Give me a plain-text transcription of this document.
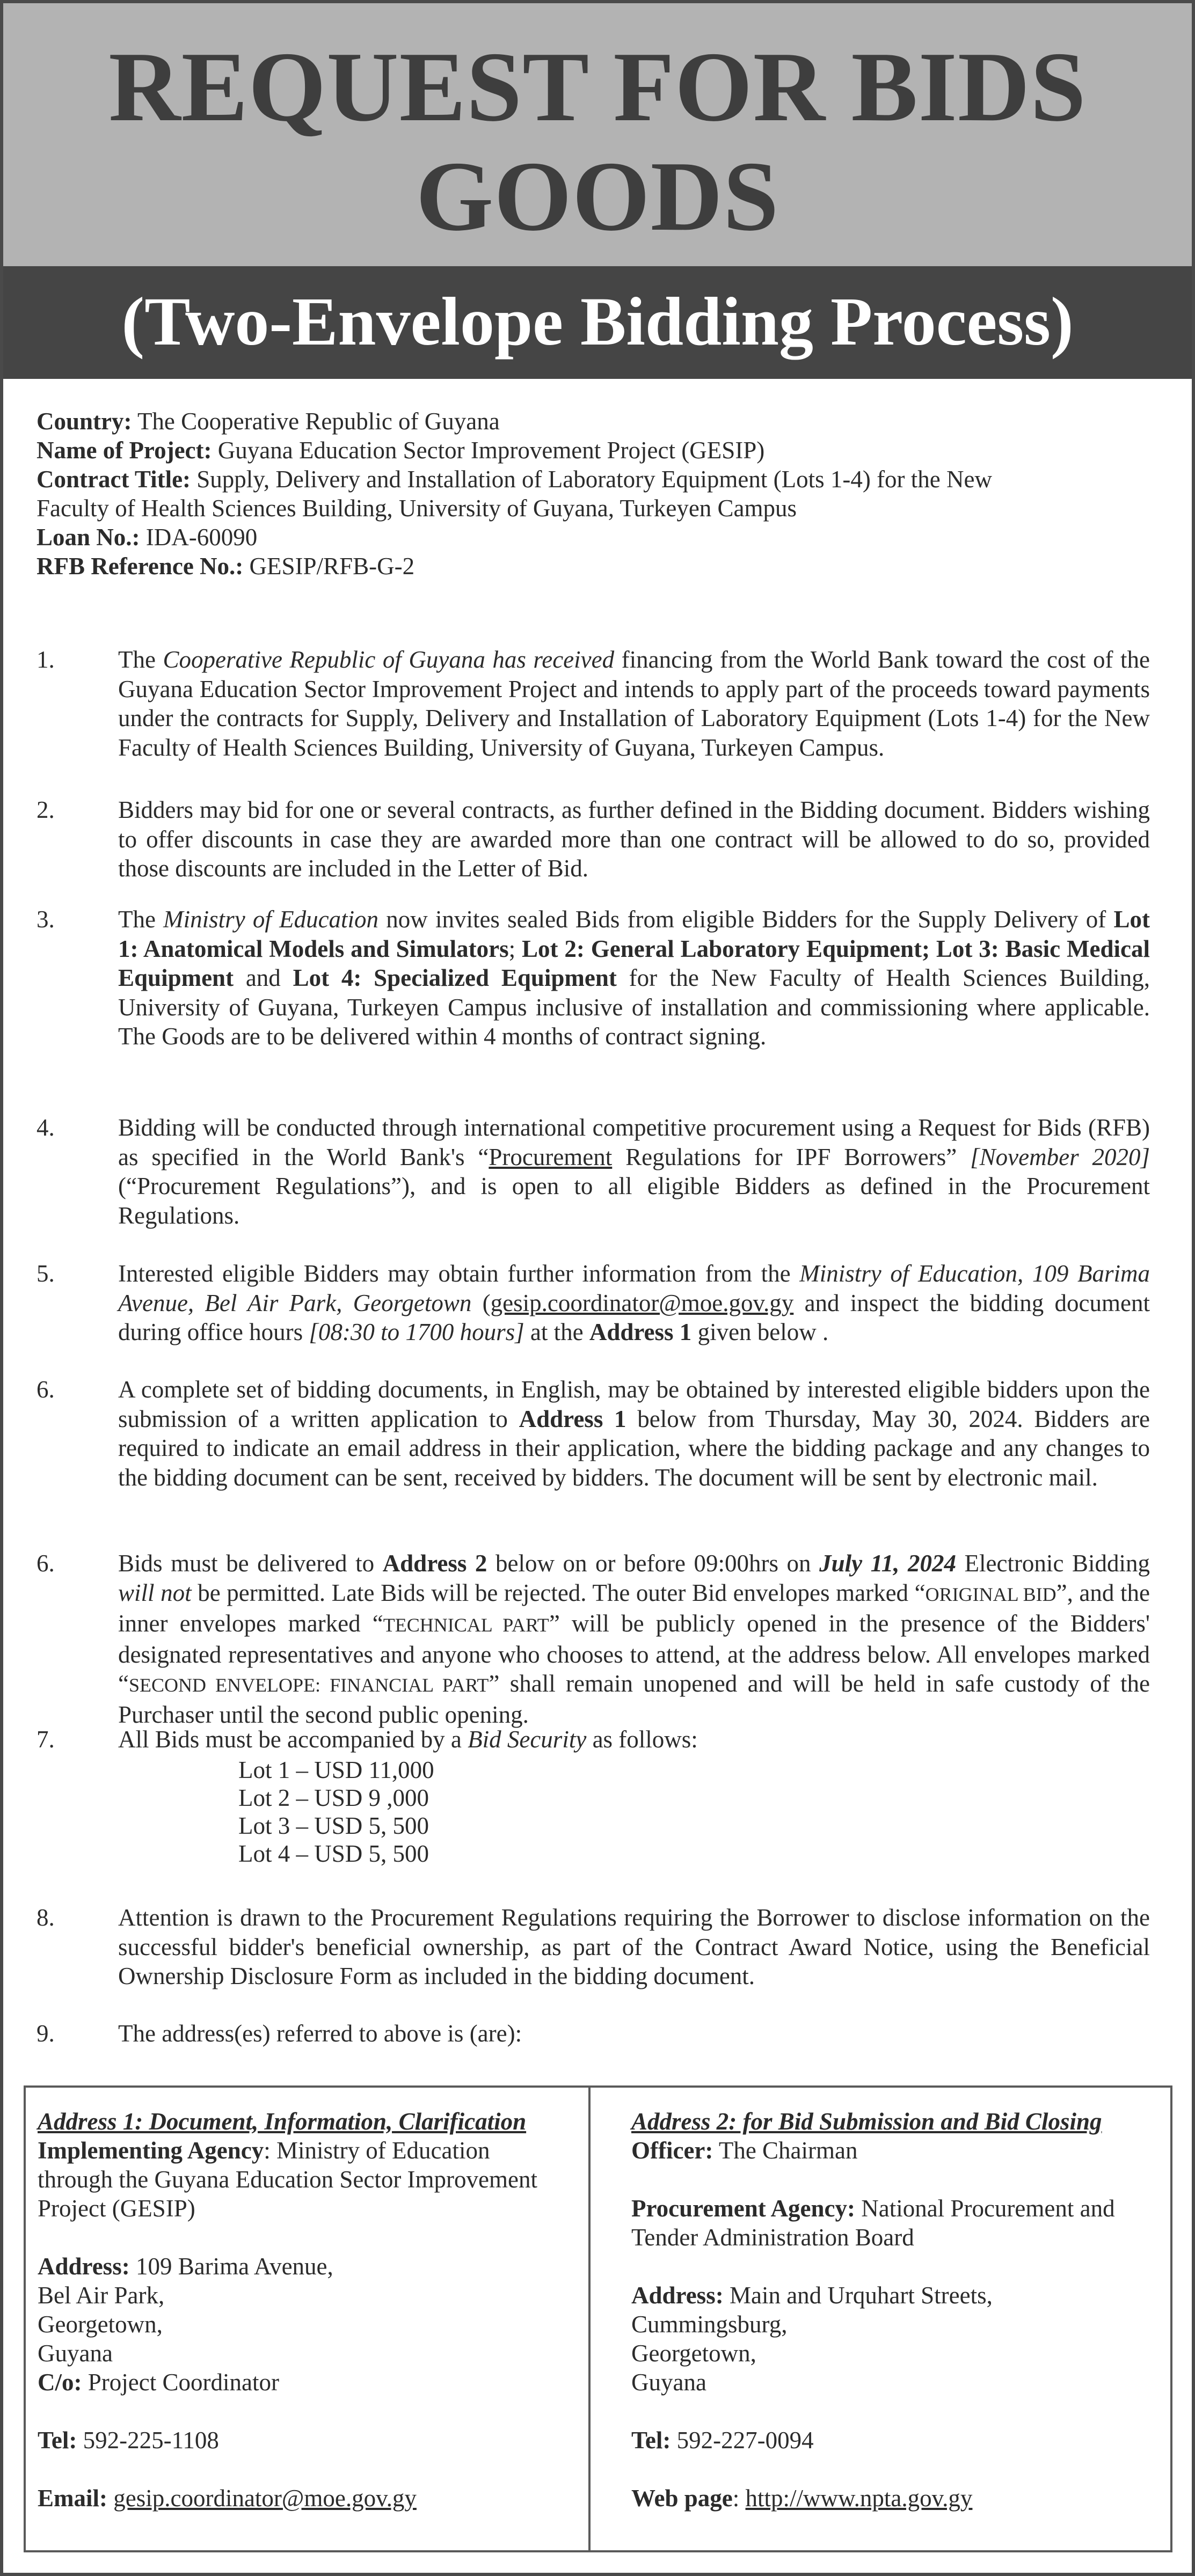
REQUEST FOR BIDS
GOODS
(Two-Envelope Bidding Process)
Country: The Cooperative Republic of Guyana
Name of Project: Guyana Education Sector Improvement Project (GESIP)
Contract Title: Supply, Delivery and Installation of Laboratory Equipment (Lots 1-4) for the New
Faculty of Health Sciences Building, University of Guyana, Turkeyen Campus
Loan No.: IDA-60090
RFB Reference No.: GESIP/RFB-G-2
1.	The Cooperative Republic of Guyana has received financing from the World Bank toward the cost of the Guyana Education Sector Improvement Project and intends to apply part of the proceeds toward payments under the contracts for Supply, Delivery and Installation of Laboratory Equipment (Lots 1-4) for the New Faculty of Health Sciences Building, University of Guyana, Turkeyen Campus.
2.	Bidders may bid for one or several contracts, as further defined in the Bidding document. Bidders wishing to offer discounts in case they are awarded more than one contract will be allowed to do so, provided those discounts are included in the Letter of Bid.
3.	The Ministry of Education now invites sealed Bids from eligible Bidders for the Supply Delivery of Lot 1: Anatomical Models and Simulators; Lot 2: General Laboratory Equipment; Lot 3: Basic Medical Equipment and Lot 4: Specialized Equipment for the New Faculty of Health Sciences Building, University of Guyana, Turkeyen Campus inclusive of installation and commissioning where applicable. The Goods are to be delivered within 4 months of contract signing.
4.	Bidding will be conducted through international competitive procurement using a Request for Bids (RFB) as specified in the World Bank's “Procurement Regulations for IPF Borrowers” [November 2020] (“Procurement Regulations”), and is open to all eligible Bidders as defined in the Procurement Regulations.
5.	Interested eligible Bidders may obtain further information from the Ministry of Education, 109 Barima Avenue, Bel Air Park, Georgetown (gesip.coordinator@moe.gov.gy and inspect the bidding document during office hours [08:30 to 1700 hours] at the Address 1 given below .
6.	A complete set of bidding documents, in English, may be obtained by interested eligible bidders upon the submission of a written application to Address 1 below from Thursday, May 30, 2024. Bidders are required to indicate an email address in their application, where the bidding package and any changes to the bidding document can be sent, received by bidders. The document will be sent by electronic mail.
6.	Bids must be delivered to Address 2 below on or before 09:00hrs on July 11, 2024 Electronic Bidding will not be permitted. Late Bids will be rejected. The outer Bid envelopes marked “ORIGINAL BID”, and the inner envelopes marked “TECHNICAL PART” will be publicly opened in the presence of the Bidders' designated representatives and anyone who chooses to attend, at the address below. All envelopes marked “SECOND ENVELOPE: FINANCIAL PART” shall remain unopened and will be held in safe custody of the Purchaser until the second public opening.
7.	All Bids must be accompanied by a Bid Security as follows:
Lot 1 – USD 11,000
Lot 2 – USD 9 ,000
Lot 3 – USD 5, 500
Lot 4 – USD 5, 500
8.	Attention is drawn to the Procurement Regulations requiring the Borrower to disclose information on the successful bidder's beneficial ownership, as part of the Contract Award Notice, using the Beneficial Ownership Disclosure Form as included in the bidding document.
9.	The address(es) referred to above is (are):
Address 1: Document, Information, Clarification
Implementing Agency: Ministry of Education
through the Guyana Education Sector Improvement
Project (GESIP)
Address: 109 Barima Avenue,
Bel Air Park,
Georgetown,
Guyana
C/o: Project Coordinator
Tel: 592-225-1108
Email: gesip.coordinator@moe.gov.gy
Address 2: for Bid Submission and Bid Closing
Officer: The Chairman
Procurement Agency: National Procurement and
Tender Administration Board
Address: Main and Urquhart Streets,
Cummingsburg,
Georgetown,
Guyana
Tel: 592-227-0094
Web page: http://www.npta.gov.gy
